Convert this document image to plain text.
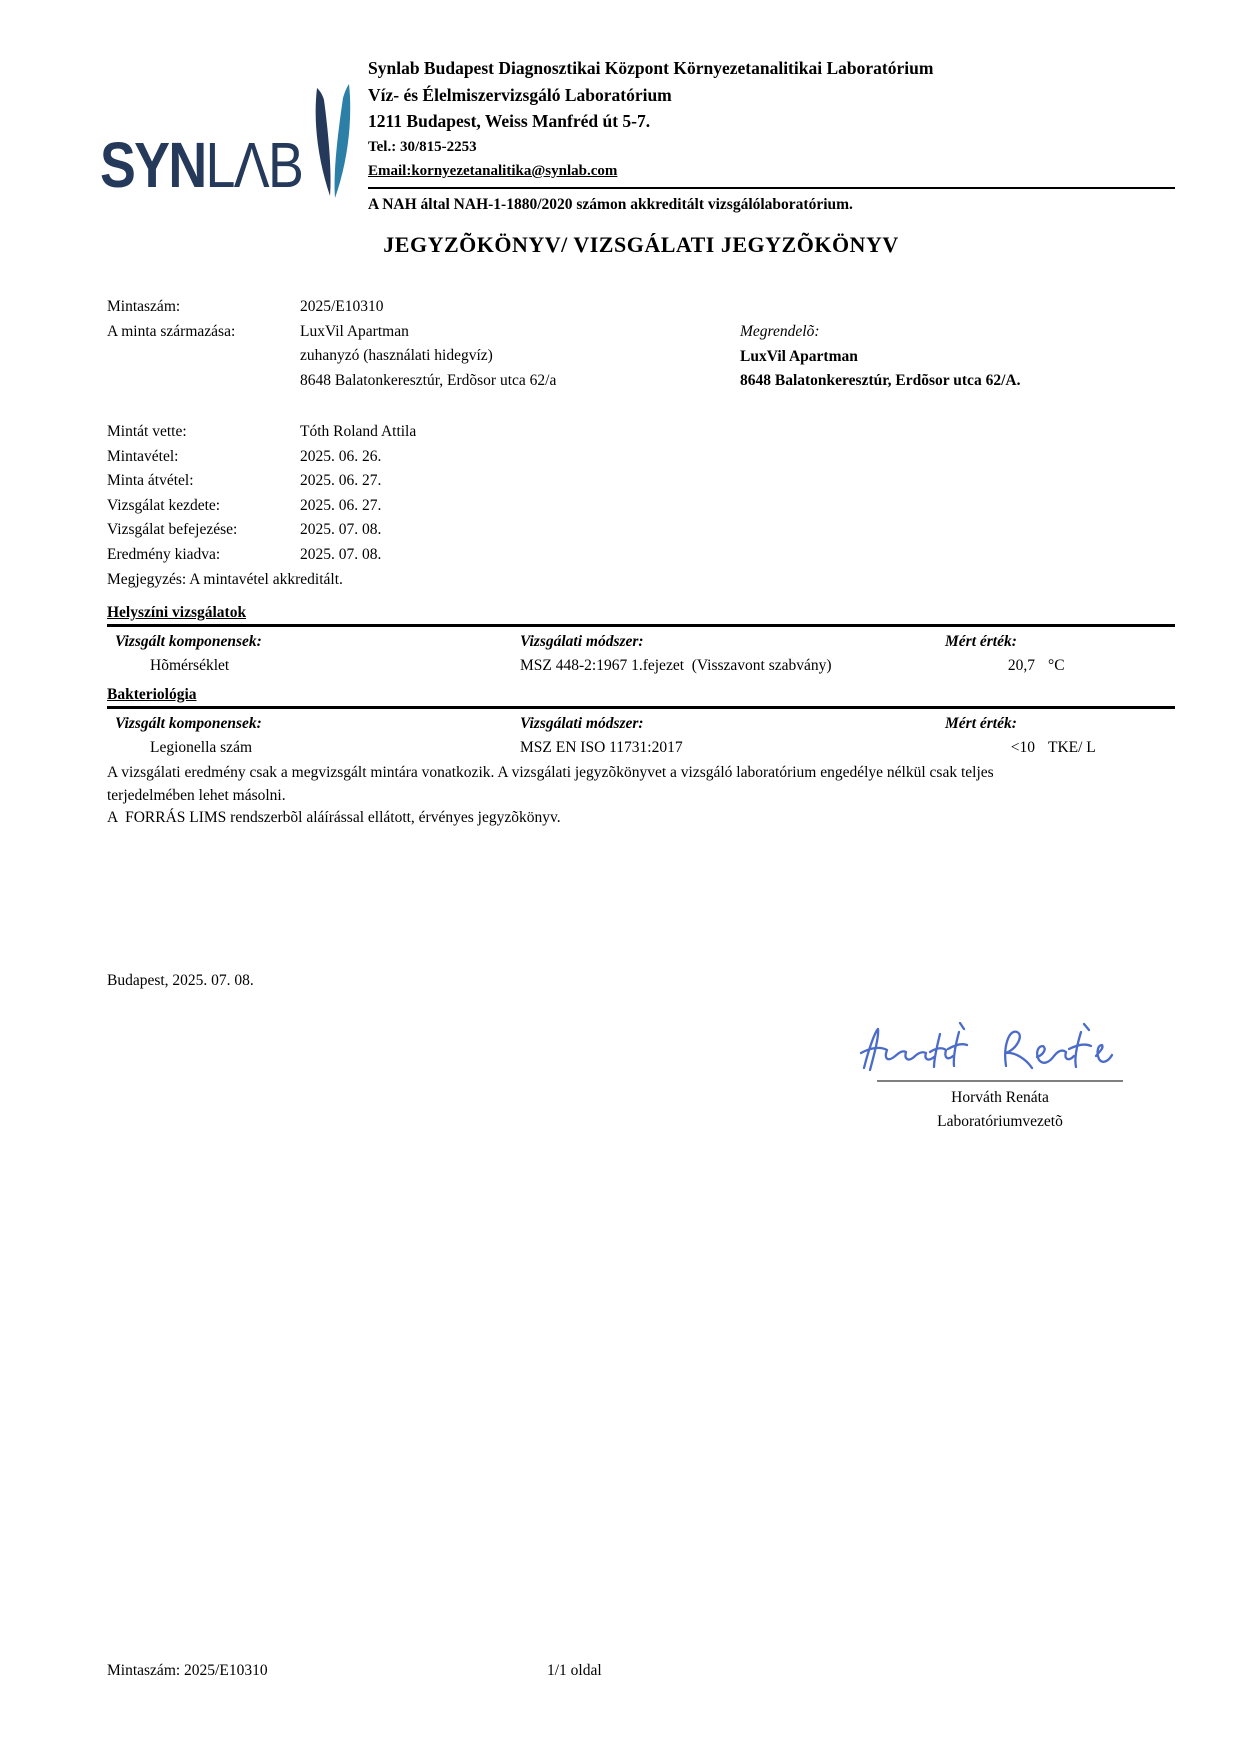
SYNLΛB
Synlab Budapest Diagnosztikai Központ Környezetanalitikai Laboratórium
Víz- és Élelmiszervizsgáló Laboratórium
1211 Budapest, Weiss Manfréd út 5-7.
Tel.: 30/815-2253
Email:kornyezetanalitika@synlab.com
A NAH által NAH-1-1880/2020 számon akkreditált vizsgálólaboratórium.
JEGYZÕKÖNYV/ VIZSGÁLATI JEGYZÕKÖNYV
Mintaszám:	2025/E10310
A minta származása:	LuxVil Apartman
zuhanyzó (használati hidegvíz)
8648 Balatonkeresztúr, Erdõsor utca 62/a
Megrendelõ:
LuxVil Apartman
8648 Balatonkeresztúr, Erdõsor utca 62/A.
Mintát vette:	Tóth Roland Attila
Mintavétel:	2025. 06. 26.
Minta átvétel:	2025. 06. 27.
Vizsgálat kezdete:	2025. 06. 27.
Vizsgálat befejezése:	2025. 07. 08.
Eredmény kiadva:	2025. 07. 08.
Megjegyzés: A mintavétel akkreditált.
Helyszíni vizsgálatok
Vizsgált komponensek:	Vizsgálati módszer:	Mért érték:
Hõmérséklet	MSZ 448-2:1967 1.fejezet  (Visszavont szabvány)	20,7 °C
Bakteriológia
Vizsgált komponensek:	Vizsgálati módszer:	Mért érték:
Legionella szám	MSZ EN ISO 11731:2017	<10 TKE/ L
A vizsgálati eredmény csak a megvizsgált mintára vonatkozik. A vizsgálati jegyzõkönyvet a vizsgáló laboratórium engedélye nélkül csak teljes terjedelmében lehet másolni.
A  FORRÁS LIMS rendszerbõl aláírással ellátott, érvényes jegyzõkönyv.
Budapest, 2025. 07. 08.
Horváth Renáta
Laboratóriumvezetõ
Mintaszám: 2025/E10310	1/1 oldal
